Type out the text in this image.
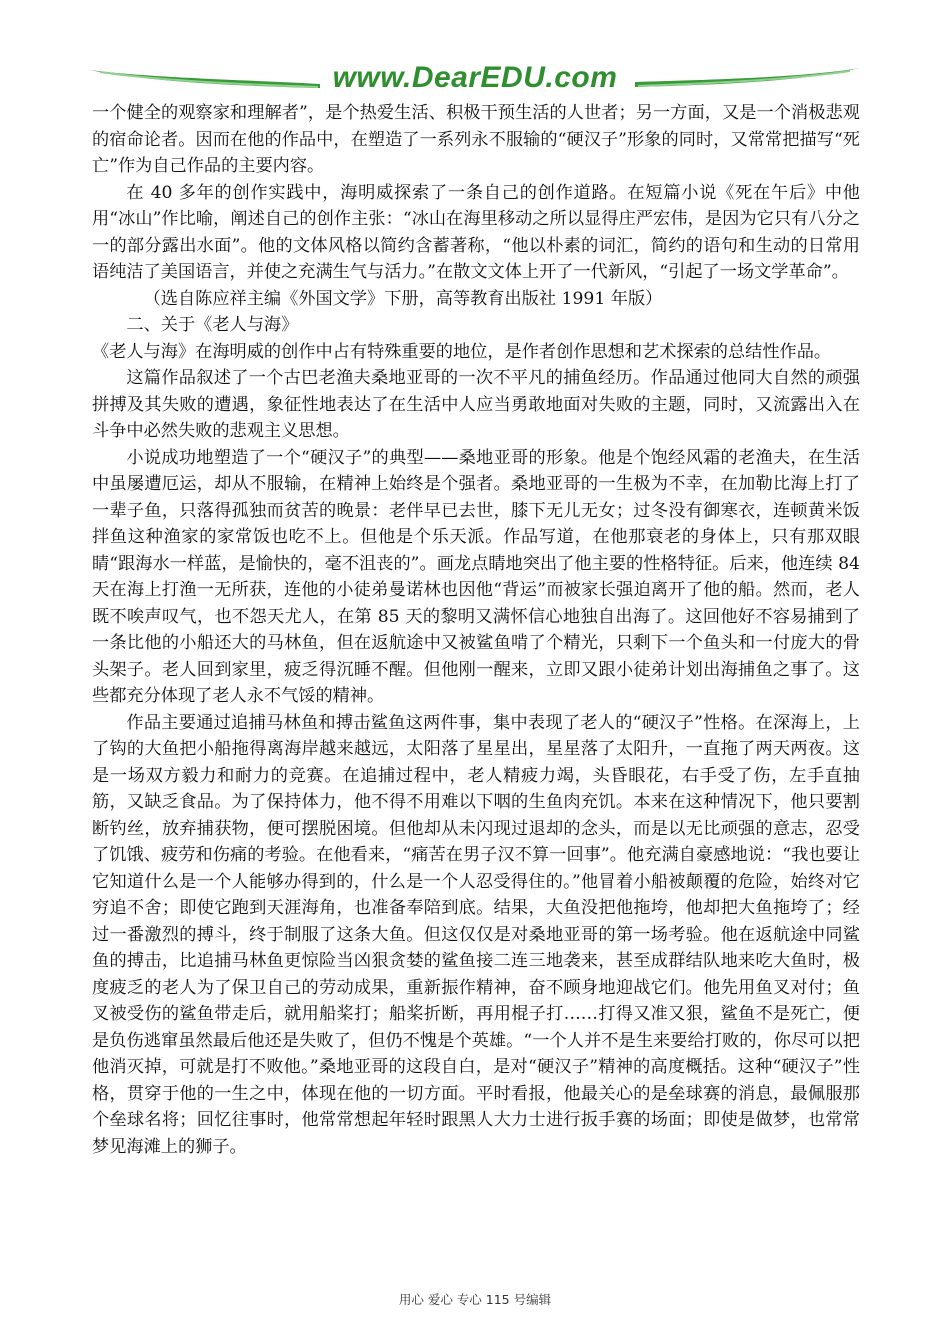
www.DearEDU.com

一个健全的观察家和理解者”，是个热爱生活、积极干预生活的人世者；另一方面，又是一个消极悲观的宿命论者。因而在他的作品中，在塑造了一系列永不服输的“硬汉子”形象的同时，又常常把描写“死亡”作为自己作品的主要内容。

在 40 多年的创作实践中，海明威探索了一条自己的创作道路。在短篇小说《死在午后》中他用“冰山”作比喻，阐述自己的创作主张：“冰山在海里移动之所以显得庄严宏伟，是因为它只有八分之一的部分露出水面”。他的文体风格以简约含蓄著称，“他以朴素的词汇，简约的语句和生动的日常用语纯洁了美国语言，并使之充满生气与活力。”在散文文体上开了一代新风，“引起了一场文学革命”。

（选自陈应祥主编《外国文学》下册，高等教育出版社 1991 年版）

二、关于《老人与海》

《老人与海》在海明威的创作中占有特殊重要的地位，是作者创作思想和艺术探索的总结性作品。

这篇作品叙述了一个古巴老渔夫桑地亚哥的一次不平凡的捕鱼经历。作品通过他同大自然的顽强拼搏及其失败的遭遇，象征性地表达了在生活中人应当勇敢地面对失败的主题，同时，又流露出入在斗争中必然失败的悲观主义思想。

小说成功地塑造了一个“硬汉子”的典型——桑地亚哥的形象。他是个饱经风霜的老渔夫，在生活中虽屡遭厄运，却从不服输，在精神上始终是个强者。桑地亚哥的一生极为不幸，在加勒比海上打了一辈子鱼，只落得孤独而贫苦的晚景：老伴早已去世，膝下无儿无女；过冬没有御寒衣，连顿黄米饭拌鱼这种渔家的家常饭也吃不上。但他是个乐天派。作品写道，在他那衰老的身体上，只有那双眼睛“跟海水一样蓝，是愉快的，毫不沮丧的”。画龙点睛地突出了他主要的性格特征。后来，他连续 84 天在海上打渔一无所获，连他的小徒弟曼诺林也因他“背运”而被家长强迫离开了他的船。然而，老人既不唉声叹气，也不怨天尤人，在第 85 天的黎明又满怀信心地独自出海了。这回他好不容易捕到了一条比他的小船还大的马林鱼，但在返航途中又被鲨鱼啃了个精光，只剩下一个鱼头和一付庞大的骨头架子。老人回到家里，疲乏得沉睡不醒。但他刚一醒来，立即又跟小徒弟计划出海捕鱼之事了。这些都充分体现了老人永不气馁的精神。

作品主要通过追捕马林鱼和搏击鲨鱼这两件事，集中表现了老人的“硬汉子”性格。在深海上，上了钩的大鱼把小船拖得离海岸越来越远，太阳落了星星出，星星落了太阳升，一直拖了两天两夜。这是一场双方毅力和耐力的竞赛。在追捕过程中，老人精疲力竭，头昏眼花，右手受了伤，左手直抽筋，又缺乏食品。为了保持体力，他不得不用难以下咽的生鱼肉充饥。本来在这种情况下，他只要割断钓丝，放弃捕获物，便可摆脱困境。但他却从未闪现过退却的念头，而是以无比顽强的意志，忍受了饥饿、疲劳和伤痛的考验。在他看来，“痛苦在男子汉不算一回事”。他充满自豪感地说：“我也要让它知道什么是一个人能够办得到的，什么是一个人忍受得住的。”他冒着小船被颠覆的危险，始终对它穷追不舍；即使它跑到天涯海角，也准备奉陪到底。结果，大鱼没把他拖垮，他却把大鱼拖垮了；经过一番激烈的搏斗，终于制服了这条大鱼。但这仅仅是对桑地亚哥的第一场考验。他在返航途中同鲨鱼的搏击，比追捕马林鱼更惊险当凶狠贪婪的鲨鱼接二连三地袭来，甚至成群结队地来吃大鱼时，极度疲乏的老人为了保卫自己的劳动成果，重新振作精神，奋不顾身地迎战它们。他先用鱼叉对付；鱼叉被受伤的鲨鱼带走后，就用船桨打；船桨折断，再用棍子打……打得又准又狠，鲨鱼不是死亡，便是负伤逃窜虽然最后他还是失败了，但仍不愧是个英雄。“一个人并不是生来要给打败的，你尽可以把他消灭掉，可就是打不败他。”桑地亚哥的这段自白，是对“硬汉子”精神的高度概括。这种“硬汉子”性格，贯穿于他的一生之中，体现在他的一切方面。平时看报，他最关心的是垒球赛的消息，最佩服那个垒球名将；回忆往事时，他常常想起年轻时跟黑人大力士进行扳手赛的场面；即使是做梦，也常常梦见海滩上的狮子。

用心 爱心 专心 115 号编辑
